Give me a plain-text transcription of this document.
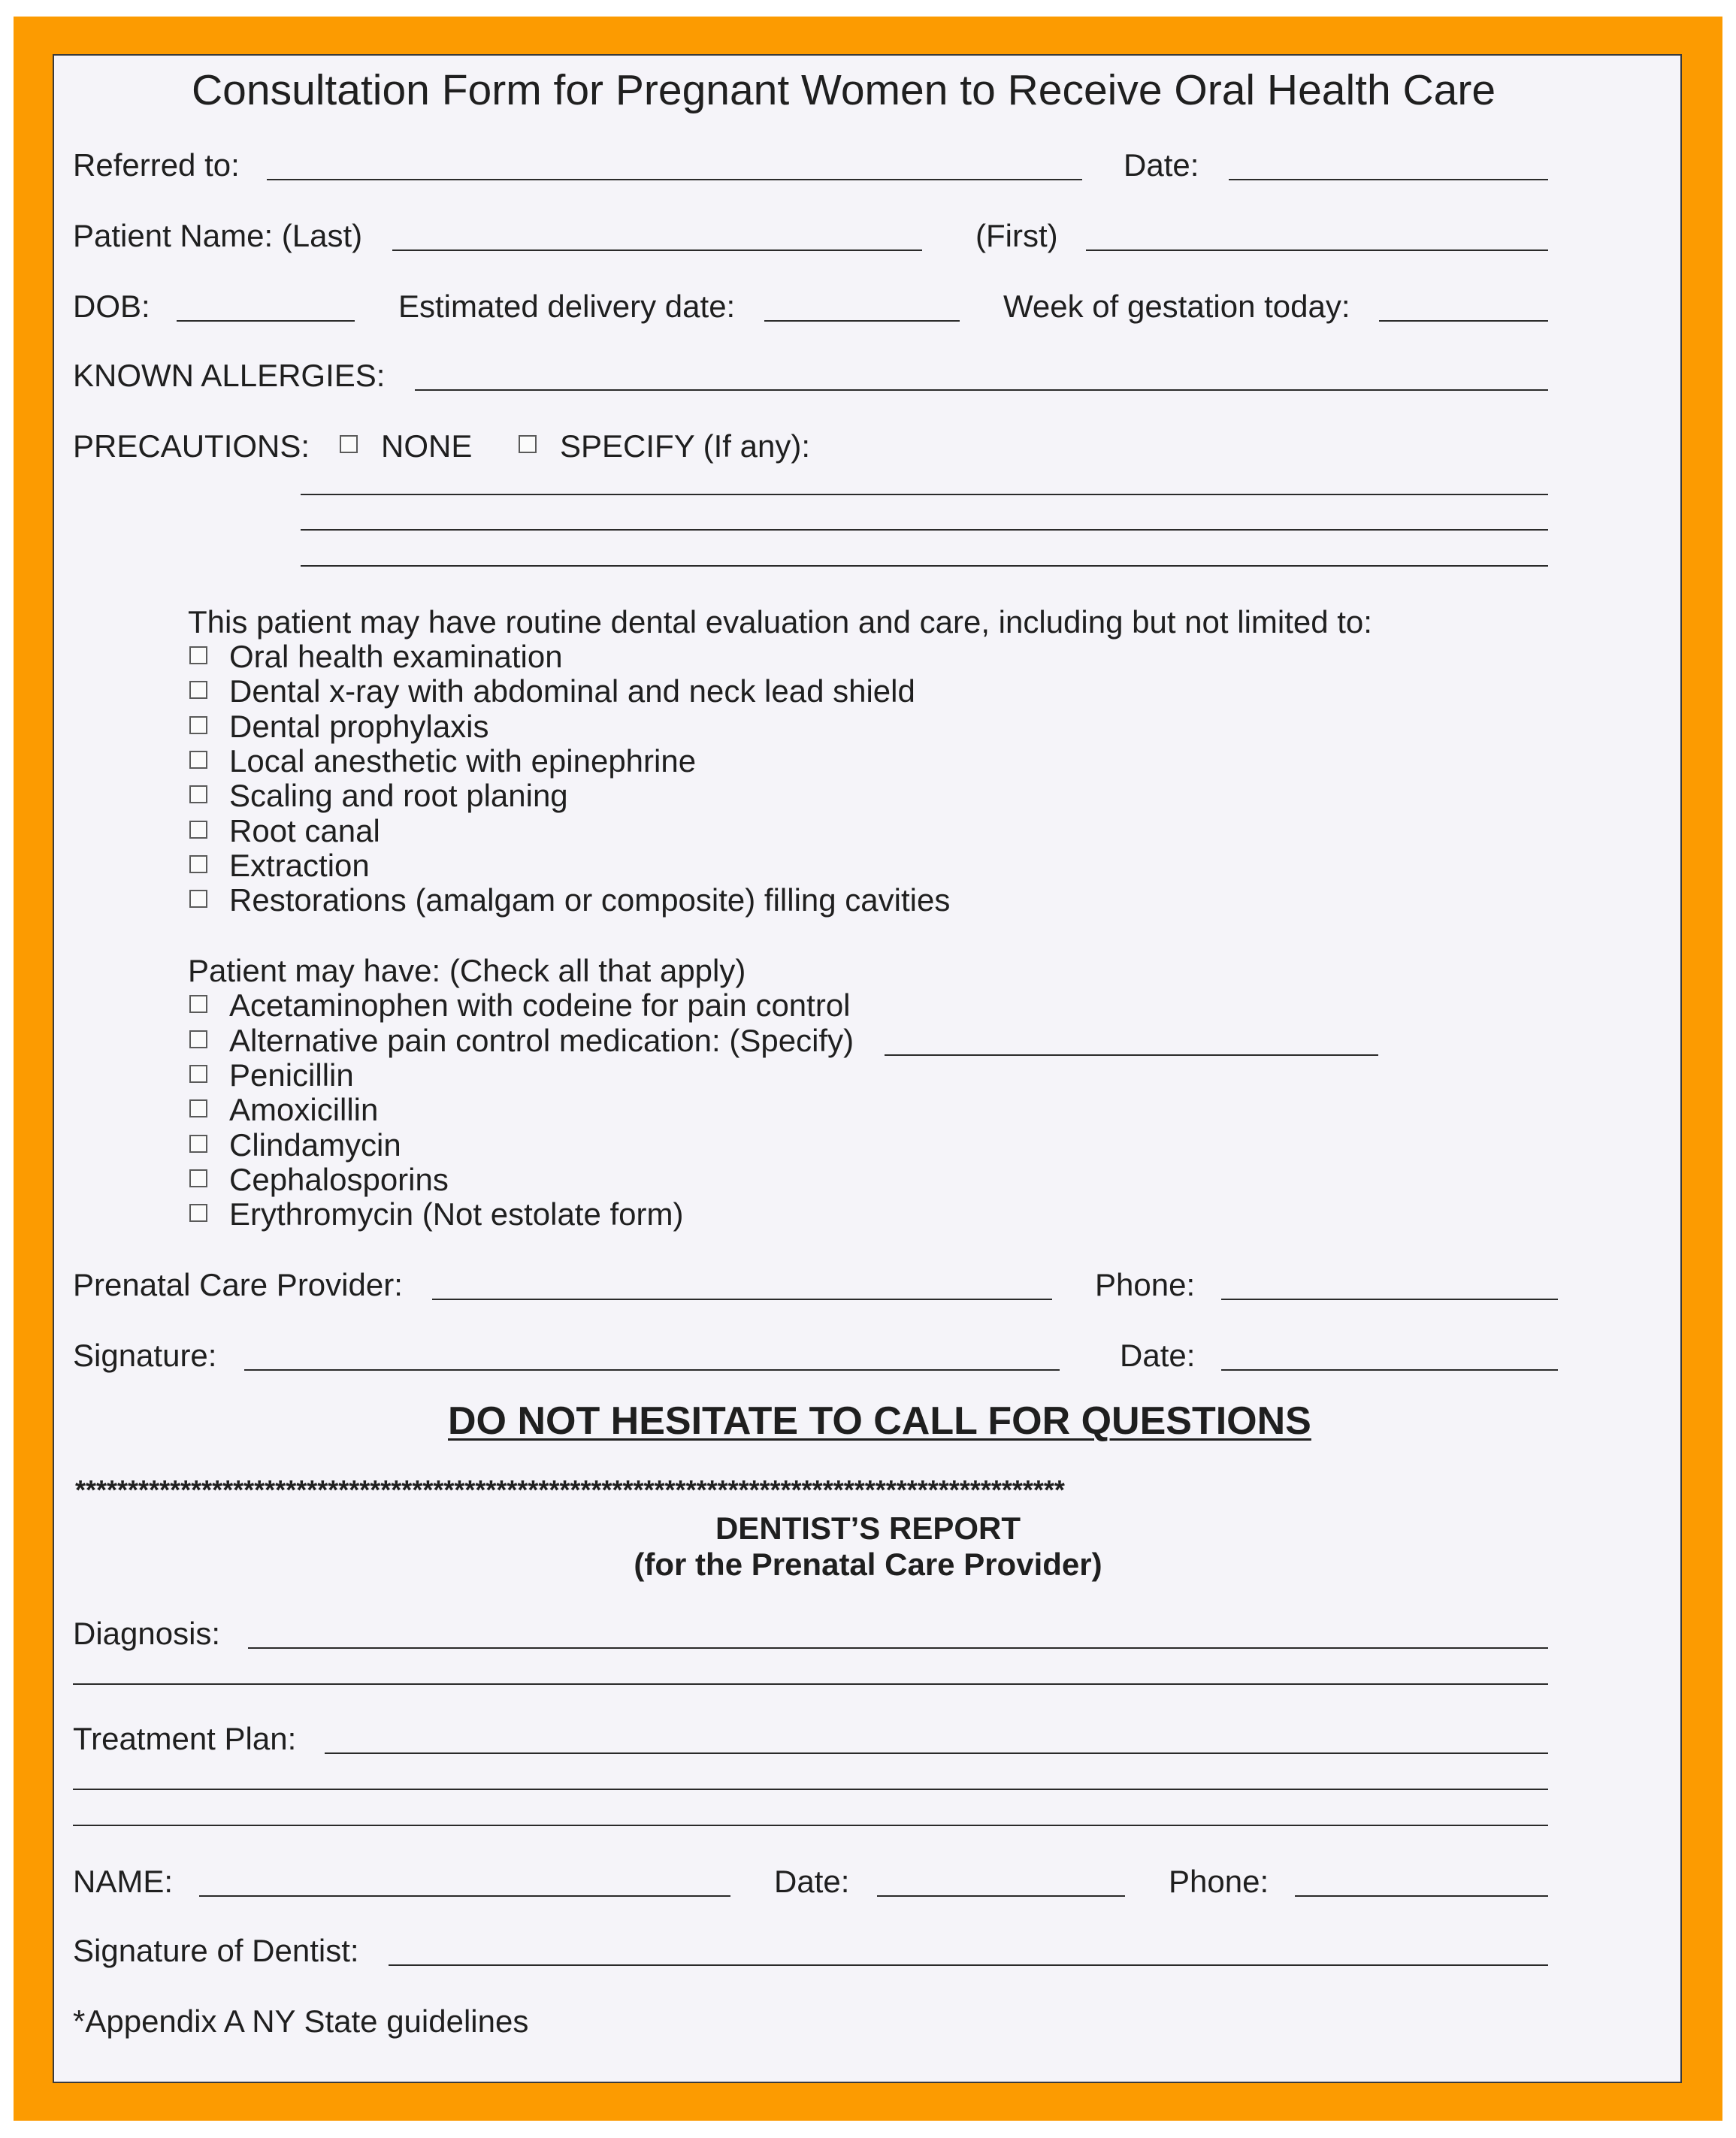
Consultation Form for Pregnant Women to Receive Oral Health Care
Referred to:	Date:
Patient Name: (Last)	(First)
DOB:	Estimated delivery date:	Week of gestation today:
KNOWN ALLERGIES:
PRECAUTIONS: NONE	SPECIFY (If any):
This patient may have routine dental evaluation and care, including but not limited to:
Oral health examination
Dental x-ray with abdominal and neck lead shield
Dental prophylaxis
Local anesthetic with epinephrine
Scaling and root planing
Root canal
Extraction
Restorations (amalgam or composite) filling cavities
Patient may have: (Check all that apply)
Acetaminophen with codeine for pain control
Alternative pain control medication: (Specify)
Penicillin
Amoxicillin
Clindamycin
Cephalosporins
Erythromycin (Not estolate form)
Prenatal Care Provider:	Phone:
Signature:	Date:
DO NOT HESITATE TO CALL FOR QUESTIONS
**********************************************************************************************
DENTIST’S REPORT
(for the Prenatal Care Provider)
Diagnosis:
Treatment Plan:
NAME:	Date:	Phone:
Signature of Dentist:
*Appendix A NY State guidelines
